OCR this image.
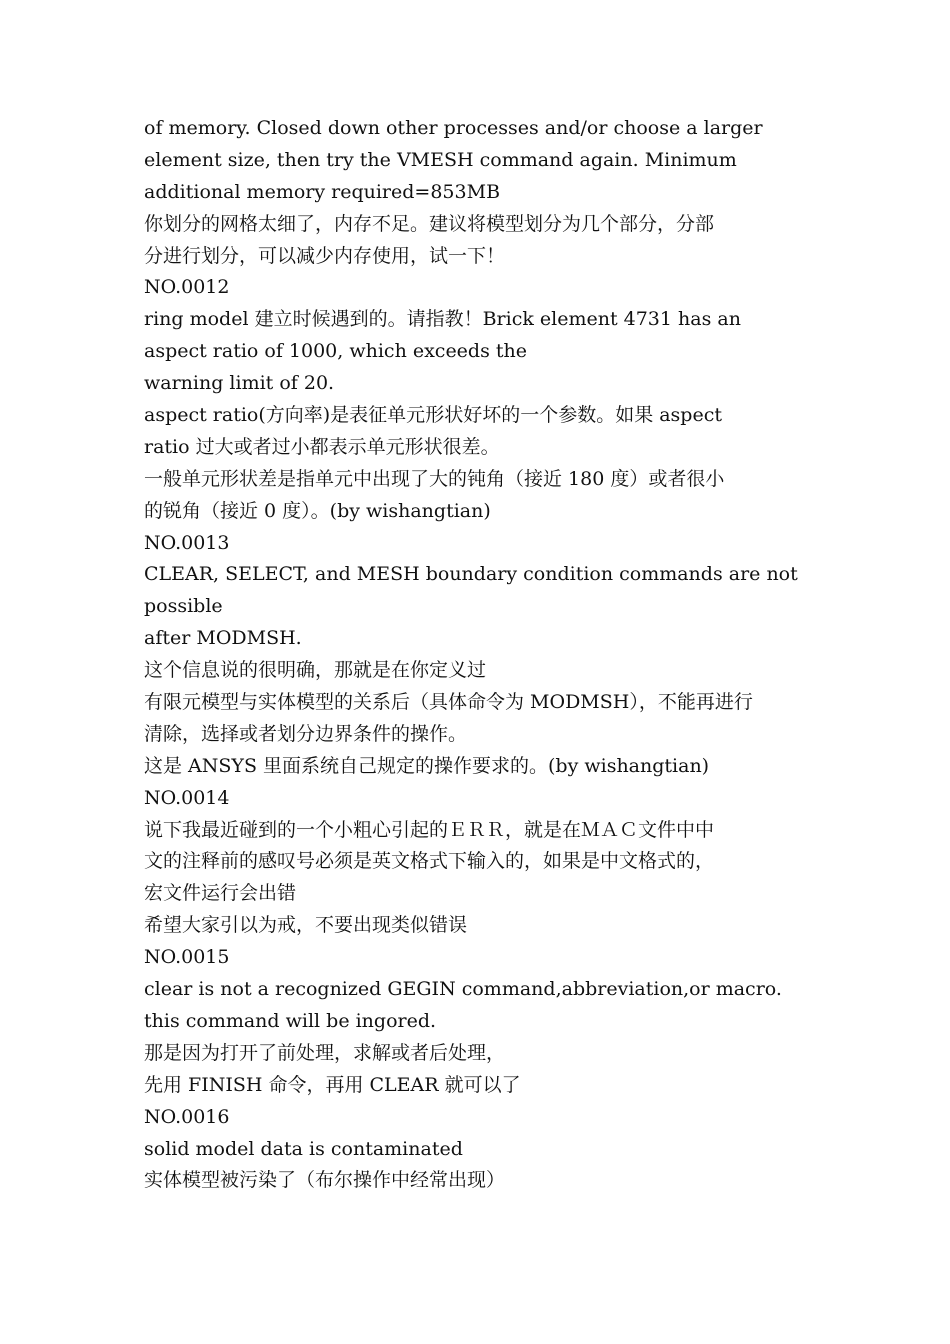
of memory. Closed down other processes and/or choose a larger
element size, then try the VMESH command again. Minimum
additional memory required=853MB
你划分的网格太细了，内存不足。建议将模型划分为几个部分，分部
分进行划分，可以减少内存使用，试一下！
NO.0012
ring model 建立时候遇到的。请指教！Brick element 4731 has an
aspect ratio of 1000, which exceeds the
warning limit of 20.
aspect ratio(方向率)是表征单元形状好坏的一个参数。如果 aspect
ratio 过大或者过小都表示单元形状很差。
一般单元形状差是指单元中出现了大的钝角（接近 180 度）或者很小
的锐角（接近 0 度）。(by wishangtian)
NO.0013
CLEAR, SELECT, and MESH boundary condition commands are not
possible
after MODMSH.
这个信息说的很明确，那就是在你定义过
有限元模型与实体模型的关系后（具体命令为 MODMSH），不能再进行
清除，选择或者划分边界条件的操作。
这是 ANSYS 里面系统自己规定的操作要求的。(by wishangtian)
NO.0014
说下我最近碰到的一个小粗心引起的ＥＲＲ，就是在ＭＡＣ文件中中
文的注释前的感叹号必须是英文格式下输入的，如果是中文格式的，
宏文件运行会出错
希望大家引以为戒，不要出现类似错误
NO.0015
clear is not a recognized GEGIN command,abbreviation,or macro.
this command will be ingored.
那是因为打开了前处理，求解或者后处理，
先用 FINISH 命令，再用 CLEAR 就可以了
NO.0016
solid model data is contaminated
实体模型被污染了（布尔操作中经常出现）
